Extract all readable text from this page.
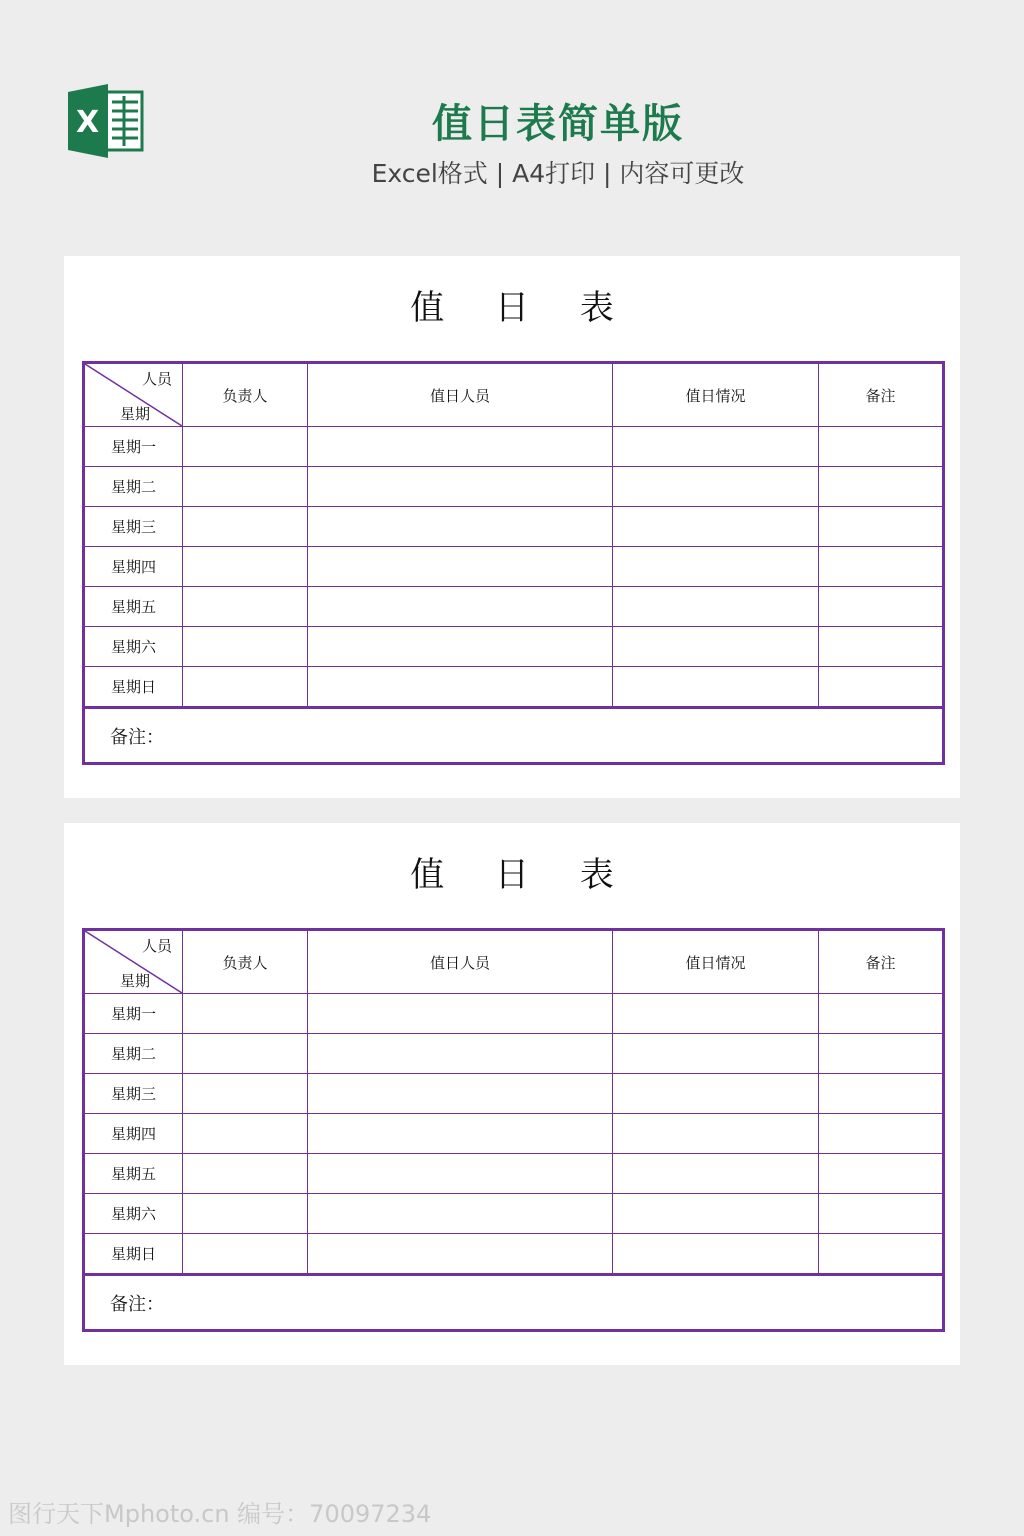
X	值日表简单版
Excel格式 | A4打印 | 内容可更改
值 日 表
人员
星期	负责人	值日人员	值日情况	备注
星期一				
星期二				
星期三				
星期四				
星期五				
星期六				
星期日				
备注：				
值 日 表
人员
星期	负责人	值日人员	值日情况	备注
星期一				
星期二				
星期三				
星期四				
星期五				
星期六				
星期日				
备注：				
图行天下Mphoto.cn 编号：70097234
